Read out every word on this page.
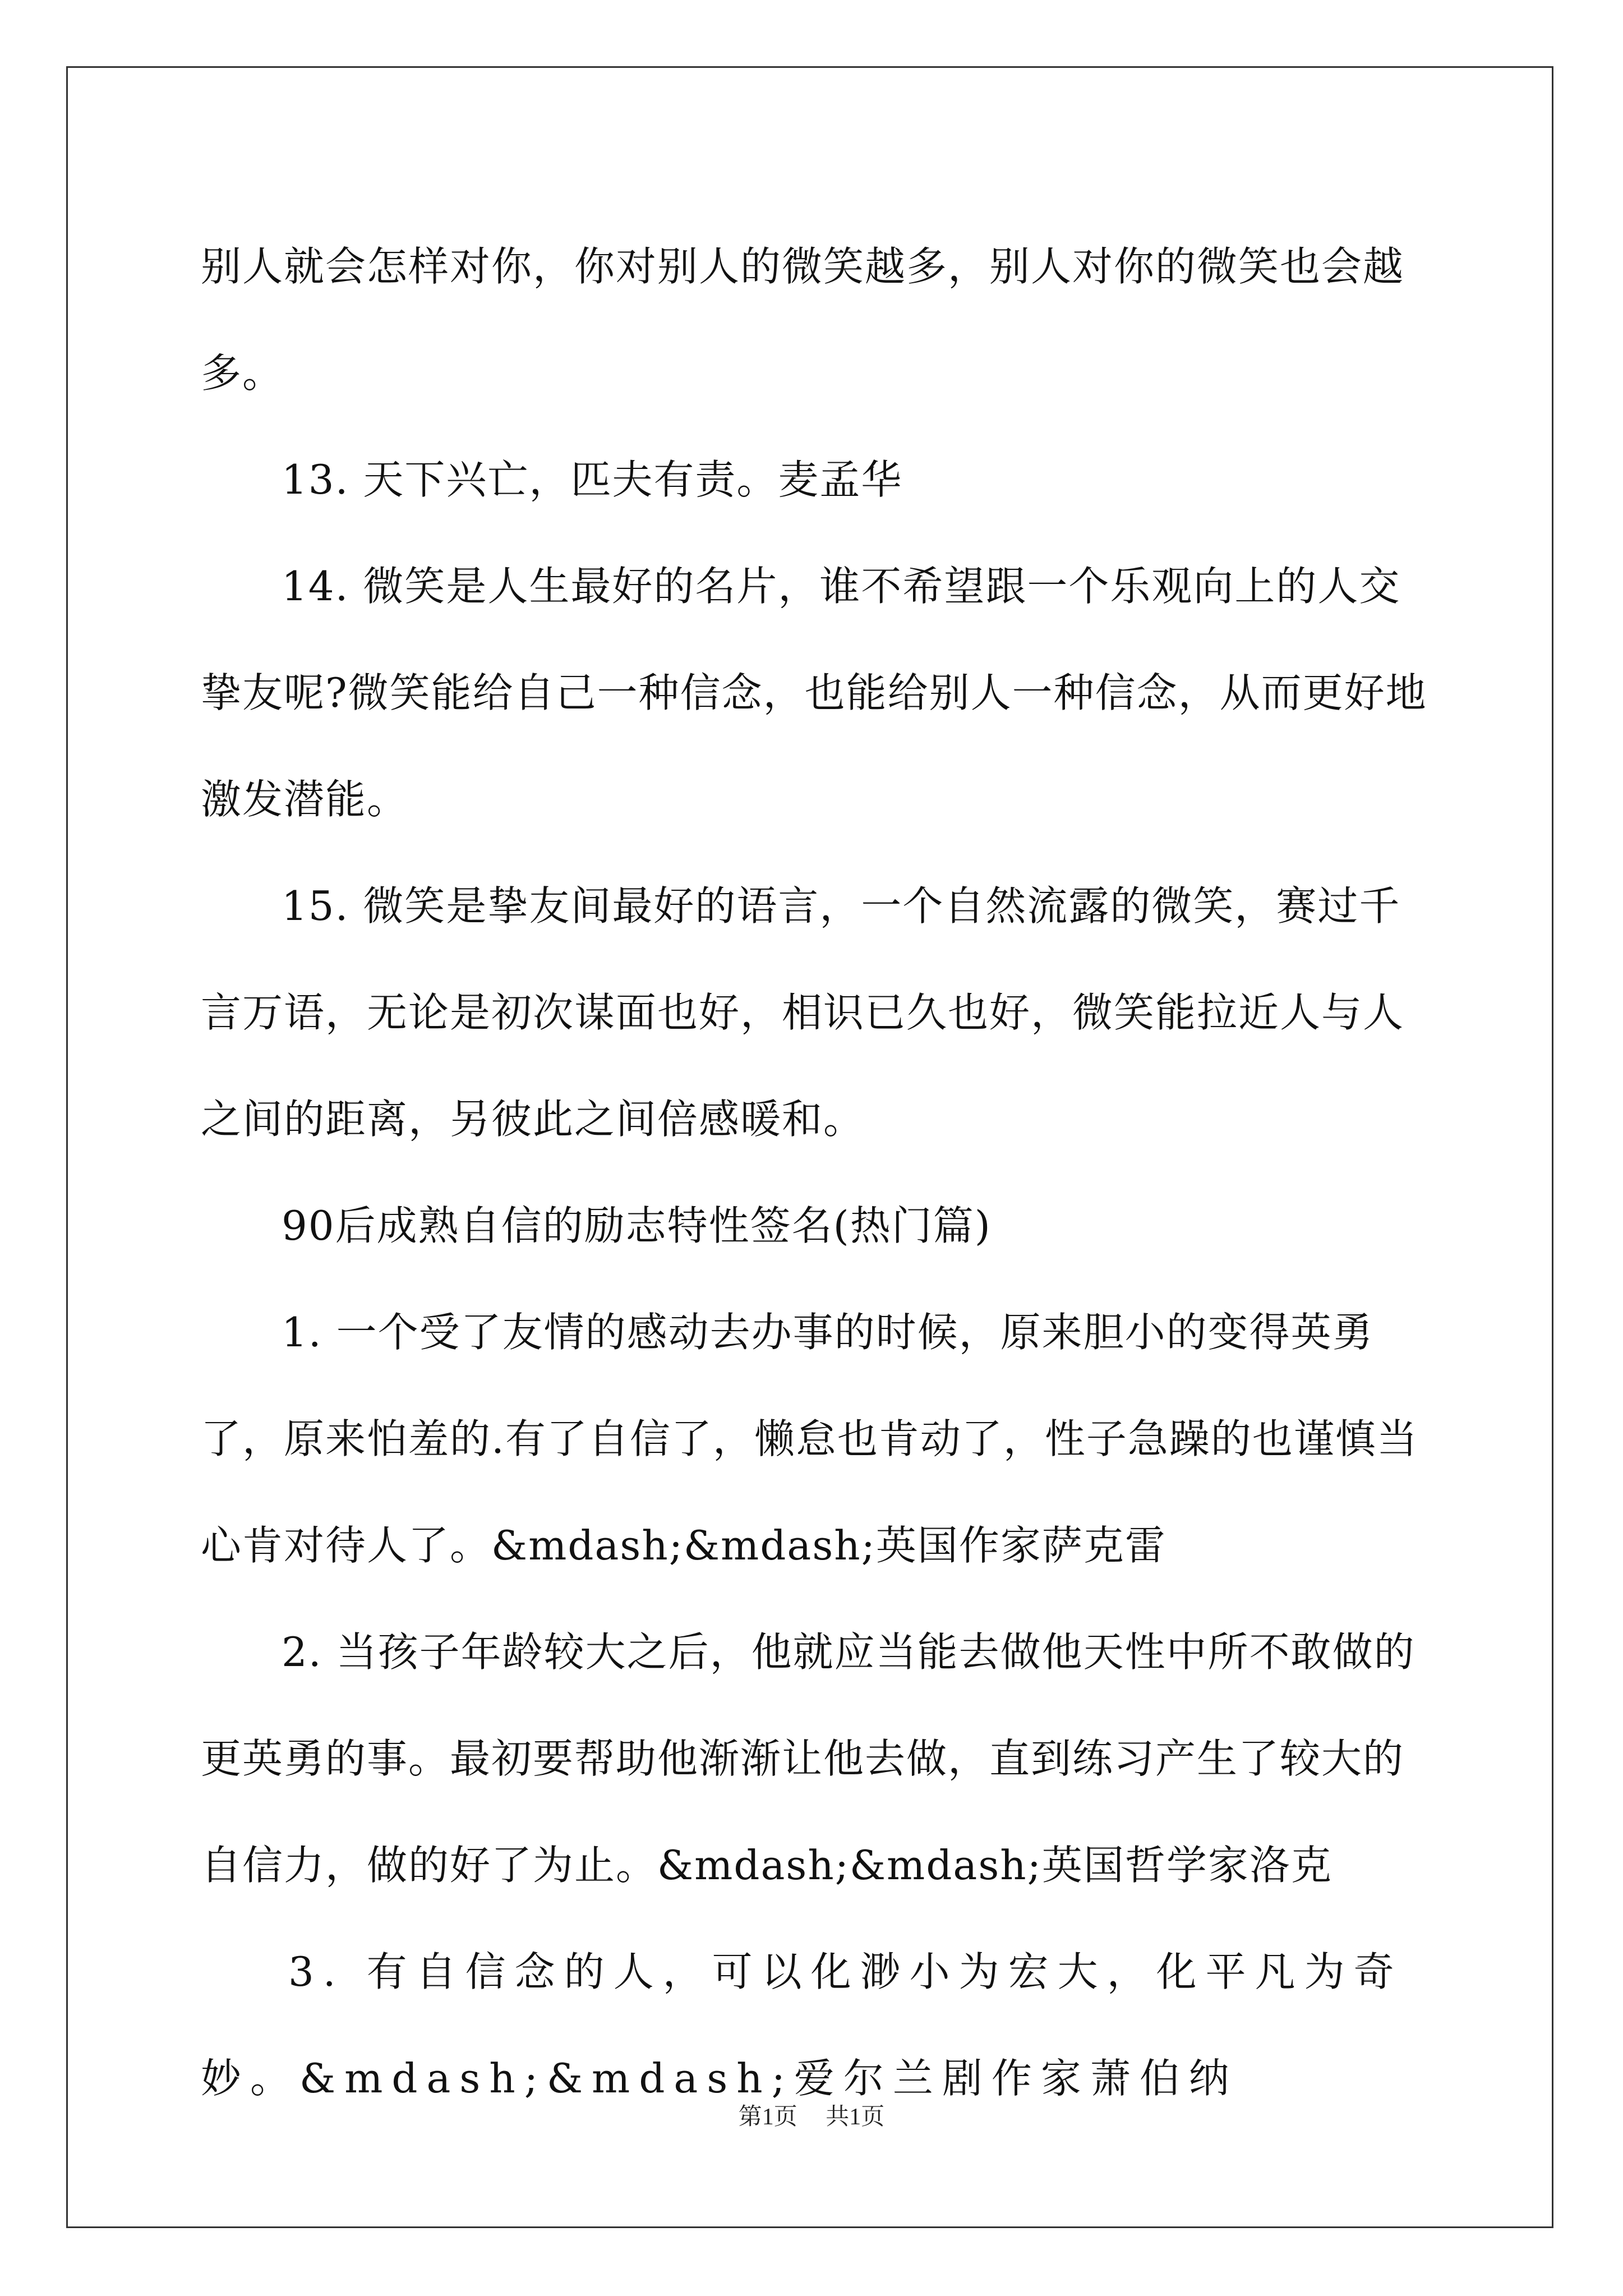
别人就会怎样对你，你对别人的微笑越多，别人对你的微笑也会越多。

13. 天下兴亡，匹夫有责。麦孟华

14. 微笑是人生最好的名片，谁不希望跟一个乐观向上的人交挚友呢?微笑能给自己一种信念，也能给别人一种信念，从而更好地激发潜能。

15. 微笑是挚友间最好的语言，一个自然流露的微笑，赛过千言万语，无论是初次谋面也好，相识已久也好，微笑能拉近人与人之间的距离，另彼此之间倍感暖和。

90后成熟自信的励志特性签名(热门篇)

1. 一个受了友情的感动去办事的时候，原来胆小的变得英勇了，原来怕羞的.有了自信了，懒怠也肯动了，性子急躁的也谨慎当心肯对待人了。&mdash;&mdash;英国作家萨克雷

2. 当孩子年龄较大之后，他就应当能去做他天性中所不敢做的更英勇的事。最初要帮助他渐渐让他去做，直到练习产生了较大的自信力，做的好了为止。&mdash;&mdash;英国哲学家洛克

3. 有自信念的人，可以化渺小为宏大，化平凡为奇妙。&mdash;&mdash;爱尔兰剧作家萧伯纳

第1页 共1页
